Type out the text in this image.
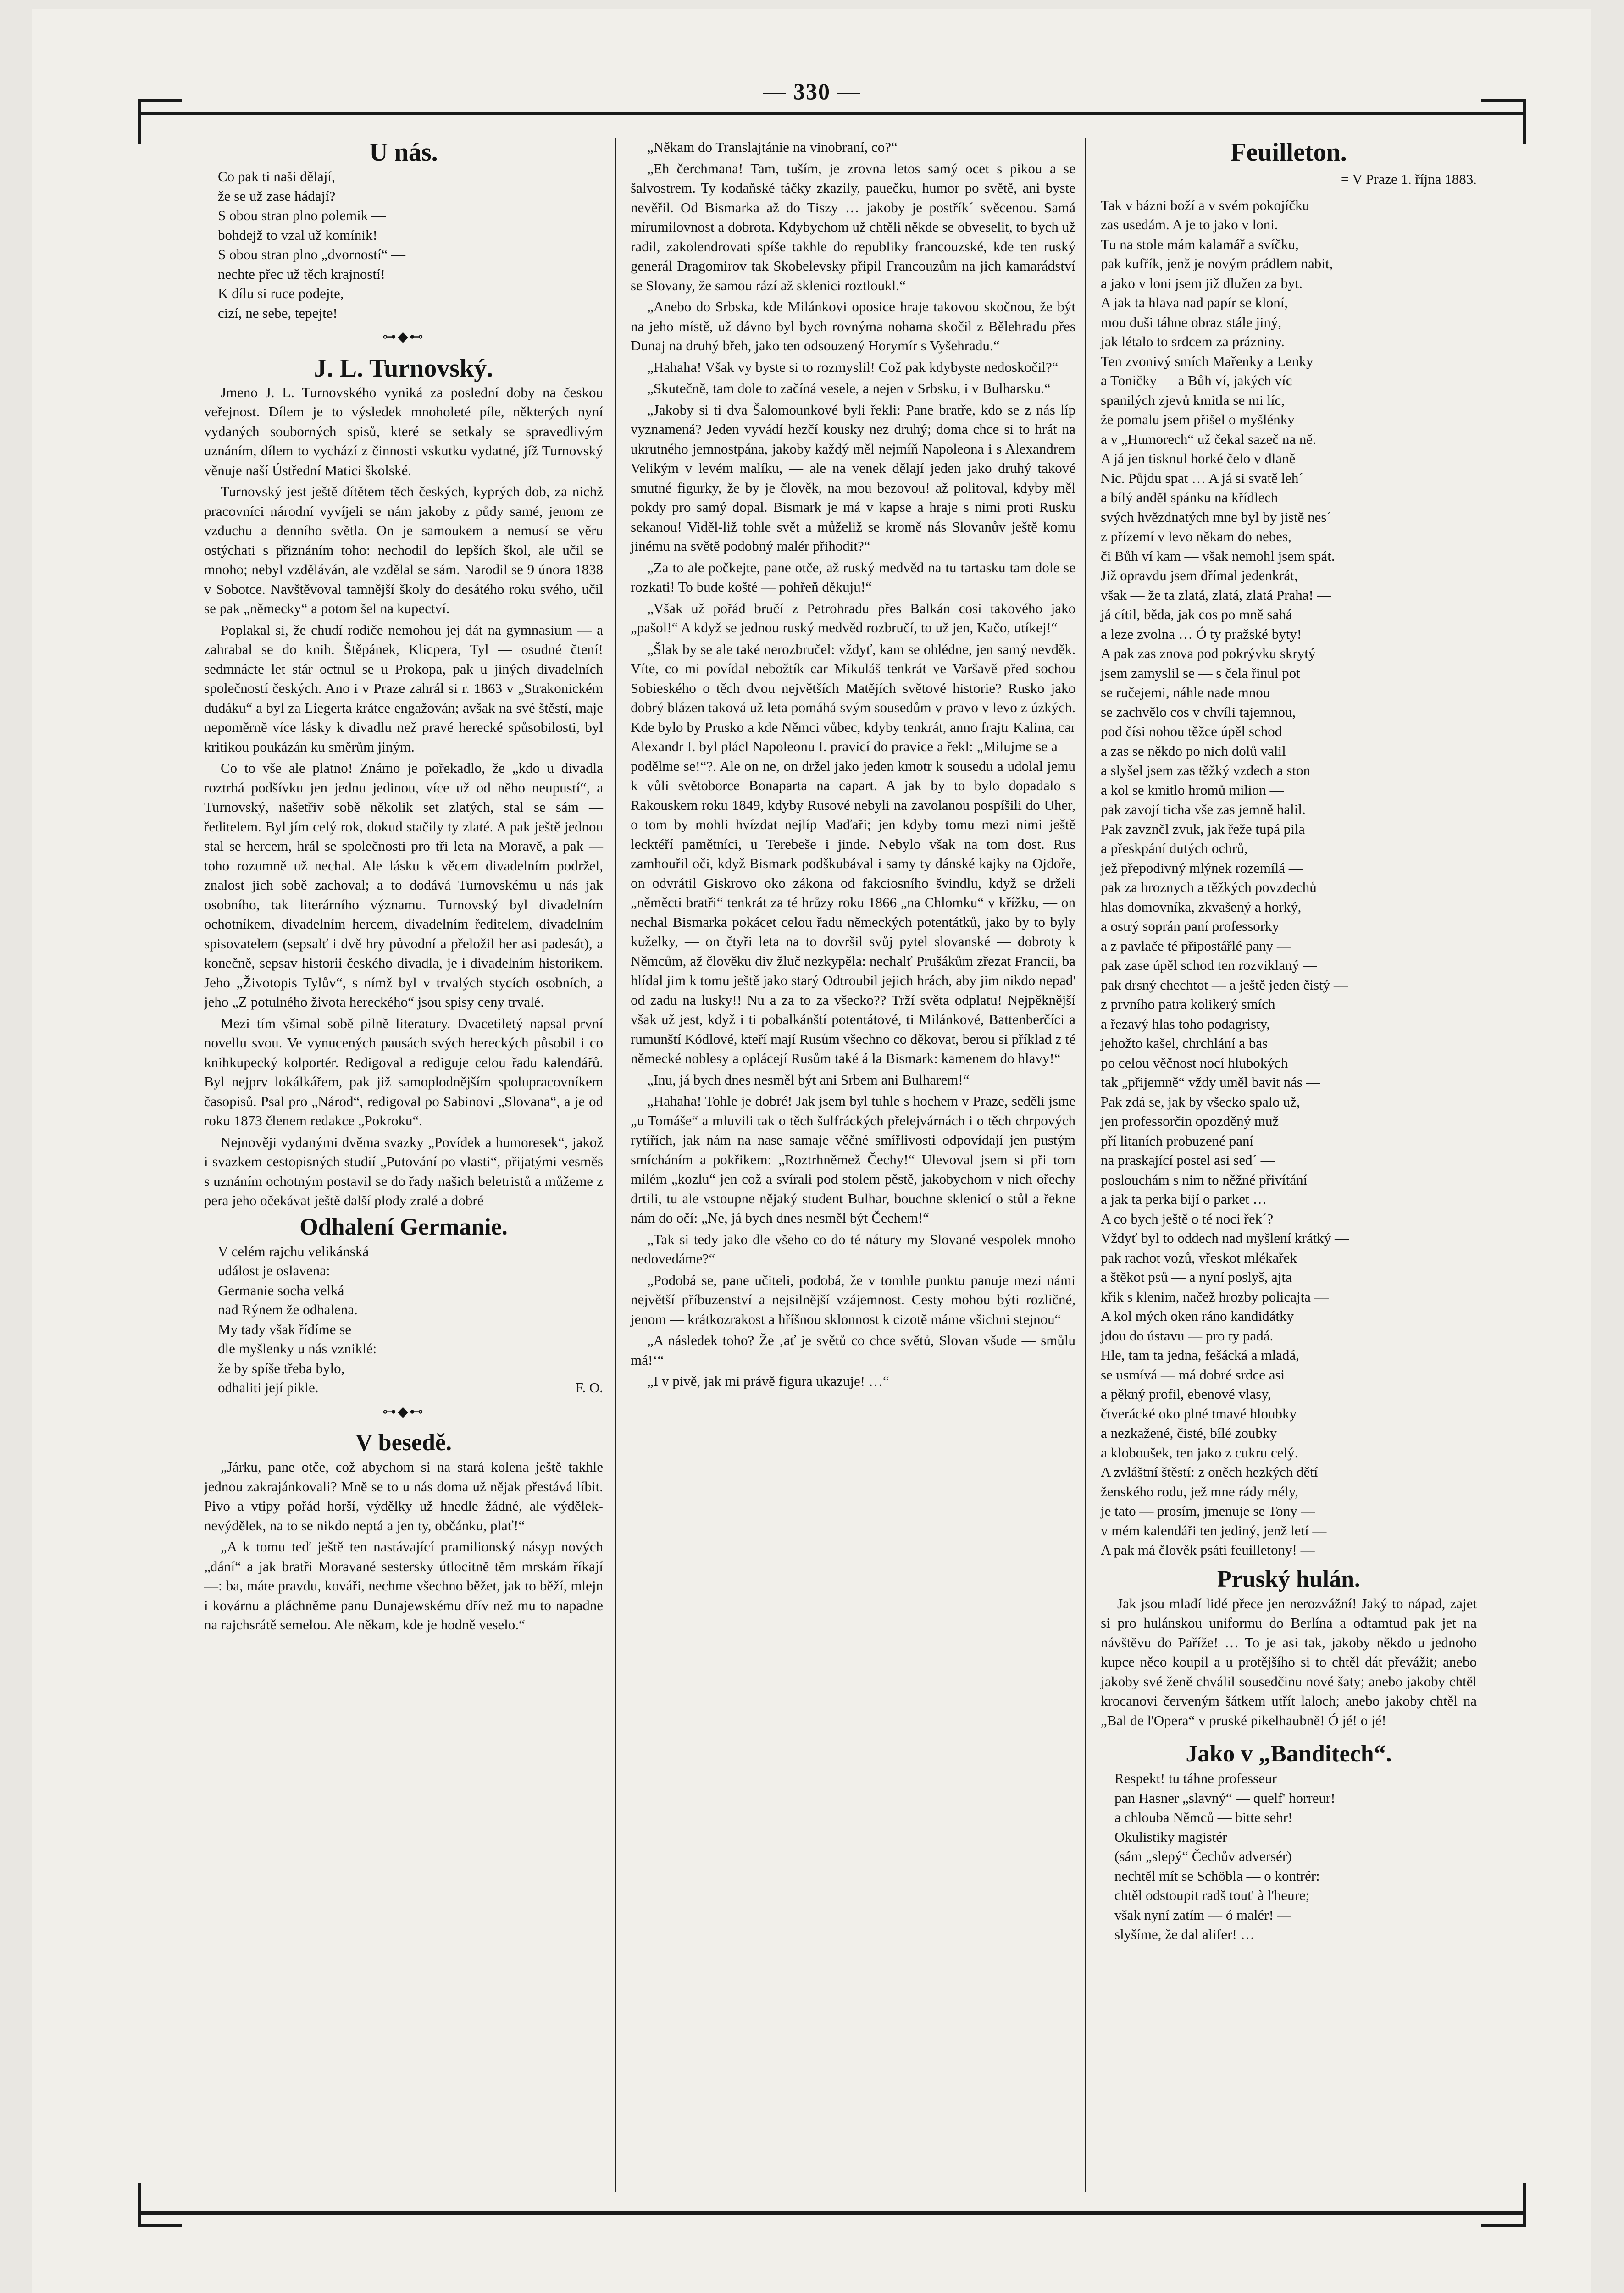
— 330 —
U nás.
Co pak ti naši dělají,
že se už zase hádají?
S obou stran plno polemik —
bohdejž to vzal už komínik!
S obou stran plno „dvorností“ —
nechte přec už těch krajností!
K dílu si ruce podejte,
cizí, ne sebe, tepejte!
⊶◆⊷
J. L. Turnovský.

Jmeno J. L. Turnovského vyniká za poslední doby na českou veřejnost. Dílem je to výsledek mnoholeté píle, některých nyní vydaných souborných spisů, které se setkaly se spravedlivým uznáním, dílem to vychází z činnosti vskutku vydatné, jíž Turnovský věnuje naší Ústřední Matici školské.

Turnovský jest ještě dítětem těch českých, kyprých dob, za nichž pracovníci národní vyvíjeli se nám jakoby z půdy samé, jenom ze vzduchu a denního světla. On je samoukem a nemusí se věru ostýchati s přiznáním toho: nechodil do lepších škol, ale učil se mnoho; nebyl vzděláván, ale vzdělal se sám. Narodil se 9 února 1838 v Sobotce. Navštěvoval tamnější školy do desátého roku svého, učil se pak „německy“ a potom šel na kupectví.

Poplakal si, že chudí rodiče nemohou jej dát na gymnasium — a zahrabal se do knih. Štěpánek, Klicpera, Tyl — osudné čtení! sedmnácte let stár octnul se u Prokopa, pak u jiných divadelních společností českých. Ano i v Praze zahrál si r. 1863 v „Strakonickém dudáku“ a byl za Liegerta krátce engažován; avšak na své štěstí, maje nepoměrně více lásky k divadlu než pravé herecké spůsobilosti, byl kritikou poukázán ku směrům jiným.

Co to vše ale platno! Známo je pořekadlo, že „kdo u divadla roztrhá podšívku jen jednu jedinou, více už od něho neupustí“, a Turnovský, našetřiv sobě několik set zlatých, stal se sám — ředitelem. Byl jím celý rok, dokud stačily ty zlaté. A pak ještě jednou stal se hercem, hrál se společnosti pro tři leta na Moravě, a pak — toho rozumně už nechal. Ale lásku k věcem divadelním podržel, znalost jich sobě zachoval; a to dodává Turnovskému u nás jak osobního, tak literárního významu. Turnovský byl divadelním ochotníkem, divadelním hercem, divadelním ředitelem, divadelním spisovatelem (sepsalť i dvě hry původní a přeložil her asi padesát), a konečně, sepsav historii českého divadla, je i divadelním historikem. Jeho „Životopis Tylův“, s nímž byl v trvalých stycích osobních, a jeho „Z potulného života hereckého“ jsou spisy ceny trvalé.

Mezi tím všimal sobě pilně literatury. Dvacetiletý napsal první novellu svou. Ve vynucených pausách svých hereckých působil i co knihkupecký kolportér. Redigoval a rediguje celou řadu kalendářů. Byl nejprv lokálkářem, pak již samoplodnějším spolupracovníkem časopisů. Psal pro „Národ“, redigoval po Sabinovi „Slovana“, a je od roku 1873 členem redakce „Pokroku“.

Nejnověji vydanými dvěma svazky „Povídek a humoresek“, jakož i svazkem cestopisných studií „Putování po vlasti“, přijatými vesměs s uznáním ochotným postavil se do řady našich beletristů a můžeme z pera jeho očekávat ještě další plody zralé a dobré

Odhalení Germanie.
V celém rajchu velikánská
událost je oslavena:
Germanie socha velká
nad Rýnem že odhalena.
My tady však řídíme se
dle myšlenky u nás vzniklé:
že by spíše třeba bylo,
odhaliti její pikle.	F. O.
⊶◆⊷
V besedě.

„Járku, pane otče, což abychom si na stará kolena ještě takhle jednou zakrajánkovali? Mně se to u nás doma už nějak přestává líbit. Pivo a vtipy pořád horší, výdělky už hnedle žádné, ale výdělek-nevýdělek, na to se nikdo neptá a jen ty, občánku, plať!“

„A k tomu teď ještě ten nastávající pramilionský násyp nových „dání“ a jak bratři Moravané sestersky útlocitně těm mrskám říkají —: ba, máte pravdu, kováři, nechme všechno běžet, jak to běží, mlejn i kovárnu a pláchněme panu Dunajewskému dřív než mu to napadne na rajchsrátě semelou. Ale někam, kde je hodně veselo.“

„Někam do Translajtánie na vinobraní, co?“

„Eh čerchmana! Tam, tuším, je zrovna letos samý ocet s pikou a se šalvostrem. Ty kodaňské táčky zkazily, pauečku, humor po světě, ani byste nevěřil. Od Bismarka až do Tiszy … jakoby je postřík´ svěcenou. Samá mírumilovnost a dobrota. Kdybychom už chtěli někde se obveselit, to bych už radil, zakolendrovati spíše takhle do republiky francouzské, kde ten ruský generál Dragomirov tak Skobelevsky připil Francouzům na jich kamarádství se Slovany, že samou rází až sklenici roztloukl.“

„Anebo do Srbska, kde Milánkovi oposice hraje takovou skočnou, že být na jeho místě, už dávno byl bych rovnýma nohama skočil z Bělehradu přes Dunaj na druhý břeh, jako ten odsouzený Horymír s Vyšehradu.“

„Hahaha! Však vy byste si to rozmyslil! Což pak kdybyste nedoskočil?“

„Skutečně, tam dole to začíná vesele, a nejen v Srbsku, i v Bulharsku.“

„Jakoby si ti dva Šalomounkové byli řekli: Pane bratře, kdo se z nás líp vyznamená? Jeden vyvádí hezčí kousky nez druhý; doma chce si to hrát na ukrutného jemnostpána, jakoby každý měl nejmíň Napoleona i s Alexandrem Velikým v levém malíku, — ale na venek dělají jeden jako druhý takové smutné figurky, že by je člověk, na mou bezovou! až politoval, kdyby měl pokdy pro samý dopal. Bismark je má v kapse a hraje s nimi proti Rusku sekanou! Viděl-liž tohle svět a můželiž se kromě nás Slovanův ještě komu jinému na světě podobný malér přihodit?“

„Za to ale počkejte, pane otče, až ruský medvěd na tu tartasku tam dole se rozkati! To bude košté — pohřeň děkuju!“

„Však už pořád bručí z Petrohradu přes Balkán cosi takového jako „pašol!“ A když se jednou ruský medvěd rozbručí, to už jen, Kačo, utíkej!“

„Šlak by se ale také nerozbručel: vždyť, kam se ohlédne, jen samý nevděk. Víte, co mi povídal nebožtík car Mikuláš tenkrát ve Varšavě před sochou Sobieského o těch dvou největších Matějích světové historie? Rusko jako dobrý blázen taková už leta pomáhá svým sousedům v pravo v levo z úzkých. Kde bylo by Prusko a kde Němci vůbec, kdyby tenkrát, anno frajtr Kalina, car Alexandr I. byl plácl Napoleonu I. pravicí do pravice a řekl: „Milujme se a — podělme se!“?. Ale on ne, on držel jako jeden kmotr k sousedu a udolal jemu k vůli světoborce Bonaparta na capart. A jak by to bylo dopadalo s Rakouskem roku 1849, kdyby Rusové nebyli na zavolanou pospíšili do Uher, o tom by mohli hvízdat nejlíp Maďaři; jen kdyby tomu mezi nimi ještě lecktéří pamětníci, u Terebeše i jinde. Nebylo však na tom dost. Rus zamhouřil oči, když Bismark podškubával i samy ty dánské kajky na Ojdoře, on odvrátil Giskrovo oko zákona od fakciosního švindlu, když se drželi „něměcti bratři“ tenkrát za té hrůzy roku 1866 „na Chlomku“ v křížku, — on nechal Bismarka pokácet celou řadu německých potentátků, jako by to byly kuželky, — on čtyři leta na to dovršil svůj pytel slovanské — dobroty k Němcům, až člověku div žluč nezkypěla: nechalť Prušákům zřezat Francii, ba hlídal jim k tomu ještě jako starý Odtroubil jejich hrách, aby jim nikdo nepad' od zadu na lusky!! Nu a za to za všecko?? Trží světa odplatu! Nejpěknější však už jest, když i ti pobalkánští potentátové, ti Milánkové, Battenberčíci a rumunští Kódlové, kteří mají Rusům všechno co děkovat, berou si příklad z té německé noblesy a oplácejí Rusům také á la Bismark: kamenem do hlavy!“

„Inu, já bych dnes nesměl být ani Srbem ani Bulharem!“

„Hahaha! Tohle je dobré! Jak jsem byl tuhle s hochem v Praze, seděli jsme „u Tomáše“ a mluvili tak o těch šulfráckých přelejvárnách i o těch chrpových rytířích, jak nám na nase samaje věčné smířlivosti odpovídají jen pustým smícháním a pokřikem: „Roztrhněmež Čechy!“ Ulevoval jsem si při tom milém „kozlu“ jen což a svírali pod stolem pěstě, jakobychom v nich ořechy drtili, tu ale vstoupne nějaký student Bulhar, bouchne sklenicí o stůl a řekne nám do očí: „Ne, já bych dnes nesměl být Čechem!“

„Tak si tedy jako dle všeho co do té nátury my Slované vespolek mnoho nedovedáme?“

„Podobá se, pane učiteli, podobá, že v tomhle punktu panuje mezi námi největší příbuzenství a nejsilnější vzájemnost. Cesty mohou býti rozličné, jenom — krátkozrakost a hříšnou sklonnost k cizotě máme všichni stejnou“

„A následek toho? Že ‚ať je světů co chce světů, Slovan všude — smůlu má!‘“

„I v pivě, jak mi právě figura ukazuje! …“

Feuilleton.
= V Praze 1. října 1883.
Tak v bázni boží a v svém pokojíčku
zas usedám. A je to jako v loni.
Tu na stole mám kalamář a svíčku,
pak kufřík, jenž je novým prádlem nabit,
a jako v loni jsem již dlužen za byt.
A jak ta hlava nad papír se kloní,
mou duši táhne obraz stále jiný,
jak létalo to srdcem za prázniny.
Ten zvonivý smích Mařenky a Lenky
a Toničky — a Bůh ví, jakých víc
spanilých zjevů kmitla se mi líc,
že pomalu jsem přišel o myšlénky —
a v „Humorech“ už čekal sazeč na ně.
A já jen tisknul horké čelo v dlaně — —
Nic. Půjdu spat … A já si svatě leh´
a bílý anděl spánku na křídlech
svých hvězdnatých mne byl by jistě nes´
z přízemí v levo někam do nebes,
či Bůh ví kam — však nemohl jsem spát.
Již opravdu jsem dřímal jedenkrát,
však — že ta zlatá, zlatá, zlatá Praha! —
já cítil, běda, jak cos po mně sahá
a leze zvolna … Ó ty pražské byty!
A pak zas znova pod pokrývku skrytý
jsem zamyslil se — s čela řinul pot
se ručejemi, náhle nade mnou
se zachvělo cos v chvíli tajemnou,
pod čísi nohou těžce úpěl schod
a zas se někdo po nich dolů valil
a slyšel jsem zas těžký vzdech a ston
a kol se kmitlo hromů milion —
pak zavojí ticha vše zas jemně halil.
Pak zavznčl zvuk, jak řeže tupá pila
a přeskpání dutých ochrů,
jež přepodivný mlýnek rozemílá —
pak za hroznych a těžkých povzdechů
hlas domovníka, zkvašený a horký,
a ostrý soprán paní professorky
a z pavlače té připostářlé pany —
pak zase úpěl schod ten rozviklaný —
pak drsný chechtot — a ještě jeden čistý —
z prvního patra kolikerý smích
a řezavý hlas toho podagristy,
jehožto kašel, chrchlání a bas
po celou věčnost nocí hlubokých
tak „přijemně“ vždy uměl bavit nás —
Pak zdá se, jak by všecko spalo už,
jen professorčin opozděný muž
pří litaních probuzené paní
na praskající postel asi sed´ —
poslouchám s nim to něžné přivítání
a jak ta perka bijí o parket …
A co bych ještě o té noci řek´?
Vždyť byl to oddech nad myšlení krátký —
pak rachot vozů, vřeskot mlékařek
a štěkot psů — a nyní poslyš, ajta
křik s klenim, načež hrozby policajta —
A kol mých oken ráno kandidátky
jdou do ústavu — pro ty padá.
Hle, tam ta jedna, fešácká a mladá,
se usmívá — má dobré srdce asi
a pěkný profil, ebenové vlasy,
čtverácké oko plné tmavé hloubky
a nezkažené, čisté, bílé zoubky
a kloboušek, ten jako z cukru celý.
A zvláštní štěstí: z oněch hezkých dětí
ženského rodu, jež mne rády mély,
je tato — prosím, jmenuje se Tony —
v mém kalendáři ten jediný, jenž letí —
A pak má člověk psáti feuilletony! —
Pruský hulán.

Jak jsou mladí lidé přece jen nerozvážní! Jaký to nápad, zajet si pro hulánskou uniformu do Berlína a odtamtud pak jet na návštěvu do Paříže! … To je asi tak, jakoby někdo u jednoho kupce něco koupil a u protějšího si to chtěl dát převážit; anebo jakoby své ženě chválil sousedčinu nové šaty; anebo jakoby chtěl krocanovi červeným šátkem utřít laloch; anebo jakoby chtěl na „Bal de l'Opera“ v pruské pikelhaubně! Ó jé! o jé!

Jako v „Banditech“.
Respekt! tu táhne professeur
pan Hasner „slavný“ — quelf' horreur!
a chlouba Němců — bitte sehr!
Okulistiky magistér
(sám „slepý“ Čechův adversér)
nechtěl mít se Schöbla — o kontrér:
chtěl odstoupit radš tout' à l'heure;
však nyní zatím — ó malér! —
slyšíme, že dal alifer! …
